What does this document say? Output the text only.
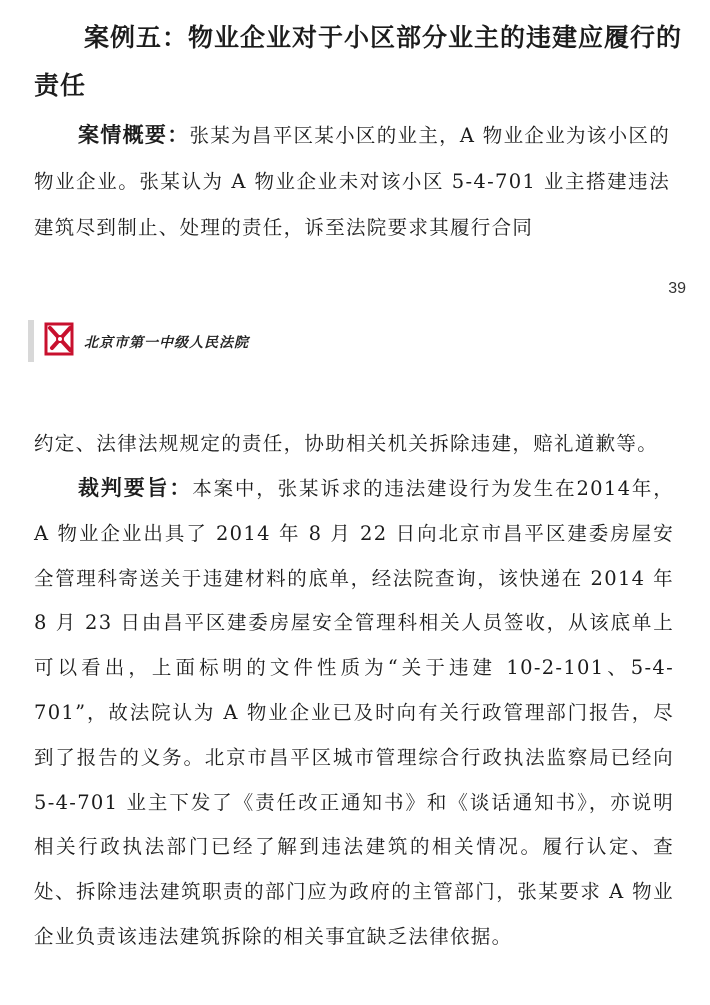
案例五：物业企业对于小区部分业主的违建应履行的责任
案情概要：张某为昌平区某小区的业主，A 物业企业为该小区的物业企业。张某认为 A 物业企业未对该小区 5-4-701 业主搭建违法建筑尽到制止、处理的责任，诉至法院要求其履行合同
39
北京市第一中级人民法院
约定、法律法规规定的责任，协助相关机关拆除违建，赔礼道歉等。
裁判要旨：本案中，张某诉求的违法建设行为发生在2014年，A 物业企业出具了 2014 年 8 月 22 日向北京市昌平区建委房屋安全管理科寄送关于违建材料的底单，经法院查询，该快递在 2014 年 8 月 23 日由昌平区建委房屋安全管理科相关人员签收，从该底单上可以看出，上面标明的文件性质为“关于违建 10-2-101、5-4-701”，故法院认为 A 物业企业已及时向有关行政管理部门报告，尽到了报告的义务。北京市昌平区城市管理综合行政执法监察局已经向 5-4-701 业主下发了《责任改正通知书》和《谈话通知书》，亦说明相关行政执法部门已经了解到违法建筑的相关情况。履行认定、查处、拆除违法建筑职责的部门应为政府的主管部门，张某要求 A 物业企业负责该违法建筑拆除的相关事宜缺乏法律依据。
